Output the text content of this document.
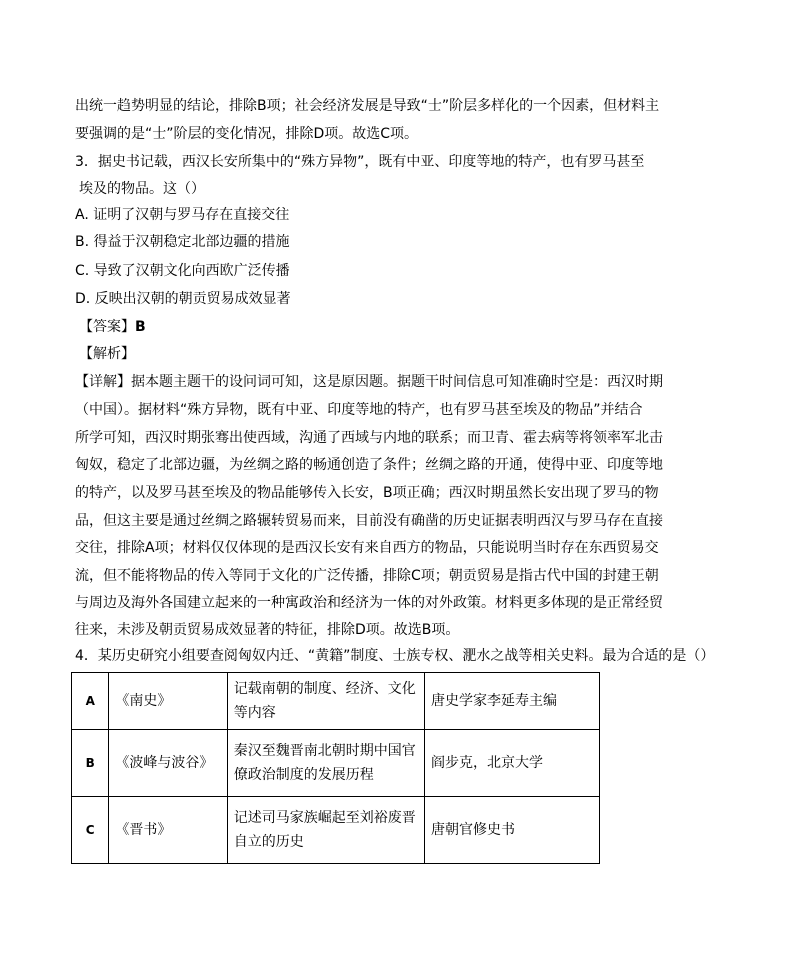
出统一趋势明显的结论，排除B项；社会经济发展是导致“士”阶层多样化的一个因素，但材料主
要强调的是“士”阶层的变化情况，排除D项。故选C项。
3．据史书记载，西汉长安所集中的“殊方异物”，既有中亚、印度等地的特产，也有罗马甚至
埃及的物品。这（）
A. 证明了汉朝与罗马存在直接交往
B. 得益于汉朝稳定北部边疆的措施
C. 导致了汉朝文化向西欧广泛传播
D. 反映出汉朝的朝贡贸易成效显著
【答案】B
【解析】
【详解】据本题主题干的设问词可知，这是原因题。据题干时间信息可知准确时空是：西汉时期
（中国）。据材料“殊方异物，既有中亚、印度等地的特产，也有罗马甚至埃及的物品”并结合
所学可知，西汉时期张骞出使西域，沟通了西域与内地的联系；而卫青、霍去病等将领率军北击
匈奴，稳定了北部边疆，为丝绸之路的畅通创造了条件；丝绸之路的开通，使得中亚、印度等地
的特产，以及罗马甚至埃及的物品能够传入长安，B项正确；西汉时期虽然长安出现了罗马的物
品，但这主要是通过丝绸之路辗转贸易而来，目前没有确凿的历史证据表明西汉与罗马存在直接
交往，排除A项；材料仅仅体现的是西汉长安有来自西方的物品，只能说明当时存在东西贸易交
流，但不能将物品的传入等同于文化的广泛传播，排除C项；朝贡贸易是指古代中国的封建王朝
与周边及海外各国建立起来的一种寓政治和经济为一体的对外政策。材料更多体现的是正常经贸
往来，未涉及朝贡贸易成效显著的特征，排除D项。故选B项。
4．某历史研究小组要查阅匈奴内迁、“黄籍”制度、士族专权、淝水之战等相关史料。最为合适的是（）
A	《南史》	记载南朝的制度、经济、文化等内容	唐史学家李延寿主编
B	《波峰与波谷》	秦汉至魏晋南北朝时期中国官僚政治制度的发展历程	阎步克，北京大学
C	《晋书》	记述司马家族崛起至刘裕废晋自立的历史	唐朝官修史书
